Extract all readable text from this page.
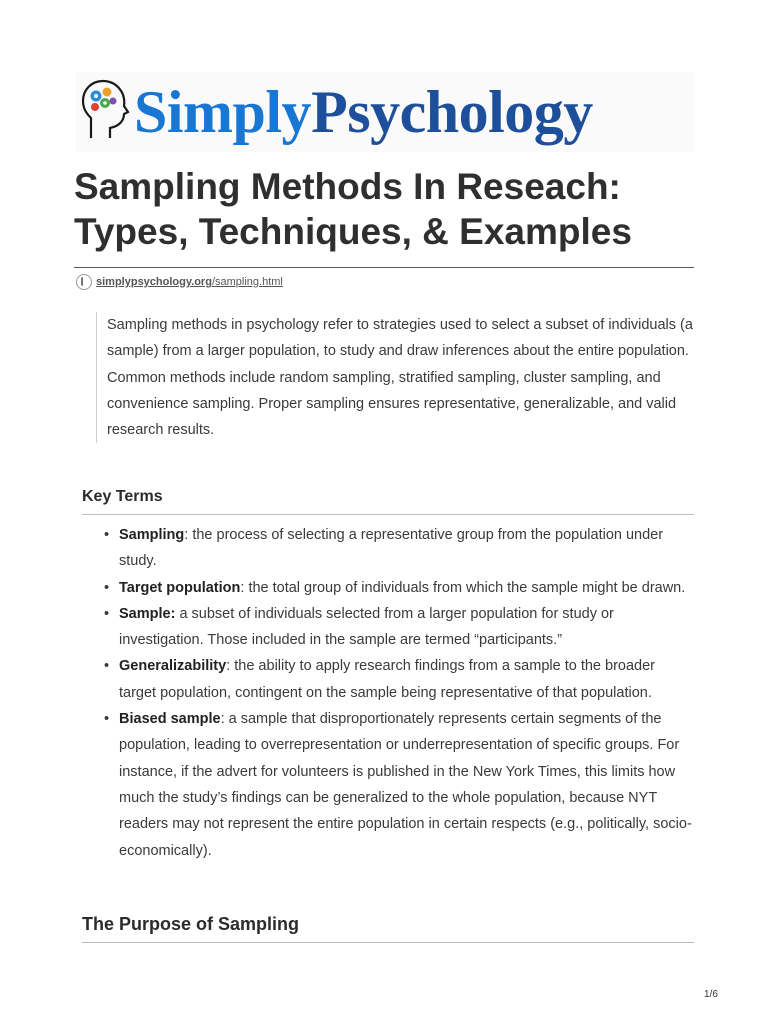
SimplyPsychology
Sampling Methods In Reseach:
Types, Techniques, & Examples
simplypsychology.org/sampling.html

Sampling methods in psychology refer to strategies used to select a subset of individuals (a sample) from a larger population, to study and draw inferences about the entire population. Common methods include random sampling, stratified sampling, cluster sampling, and convenience sampling. Proper sampling ensures representative, generalizable, and valid research results.

Key Terms
• Sampling: the process of selecting a representative group from the population under study.
• Target population: the total group of individuals from which the sample might be drawn.
• Sample: a subset of individuals selected from a larger population for study or investigation. Those included in the sample are termed “participants.”
• Generalizability: the ability to apply research findings from a sample to the broader target population, contingent on the sample being representative of that population.
• Biased sample: a sample that disproportionately represents certain segments of the population, leading to overrepresentation or underrepresentation of specific groups. For instance, if the advert for volunteers is published in the New York Times, this limits how much the study’s findings can be generalized to the whole population, because NYT readers may not represent the entire population in certain respects (e.g., politically, socio-economically).
The Purpose of Sampling
1/6
